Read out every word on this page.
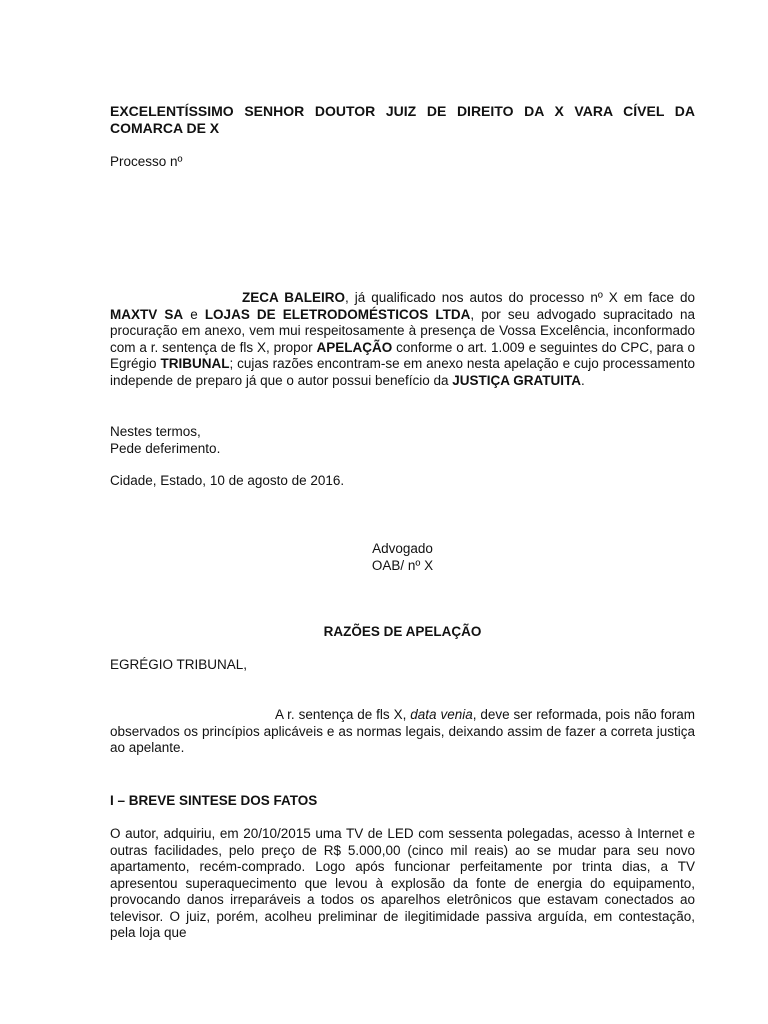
EXCELENTÍSSIMO SENHOR DOUTOR JUIZ DE DIREITO DA X VARA CÍVEL DA COMARCA DE X
Processo nº
ZECA BALEIRO, já qualificado nos autos do processo nº X em face do MAXTV SA e LOJAS DE ELETRODOMÉSTICOS LTDA, por seu advogado supracitado na procuração em anexo, vem mui respeitosamente à presença de Vossa Excelência, inconformado com a r. sentença de fls X, propor APELAÇÃO conforme o art. 1.009 e seguintes do CPC, para o Egrégio TRIBUNAL; cujas razões encontram-se em anexo nesta apelação e cujo processamento independe de preparo já que o autor possui benefício da JUSTIÇA GRATUITA.
Nestes termos,
Pede deferimento.
Cidade, Estado, 10 de agosto de 2016.
Advogado
OAB/ nº X
RAZÕES DE APELAÇÃO
EGRÉGIO TRIBUNAL,
A r. sentença de fls X, data venia, deve ser reformada, pois não foram observados os princípios aplicáveis e as normas legais, deixando assim de fazer a correta justiça ao apelante.
I – BREVE SINTESE DOS FATOS
O autor, adquiriu, em 20/10/2015 uma TV de LED com sessenta polegadas, acesso à Internet e outras facilidades, pelo preço de R$ 5.000,00 (cinco mil reais) ao se mudar para seu novo apartamento, recém-comprado. Logo após funcionar perfeitamente por trinta dias, a TV apresentou superaquecimento que levou à explosão da fonte de energia do equipamento, provocando danos irreparáveis a todos os aparelhos eletrônicos que estavam conectados ao televisor. O juiz, porém, acolheu preliminar de ilegitimidade passiva arguída, em contestação, pela loja que
